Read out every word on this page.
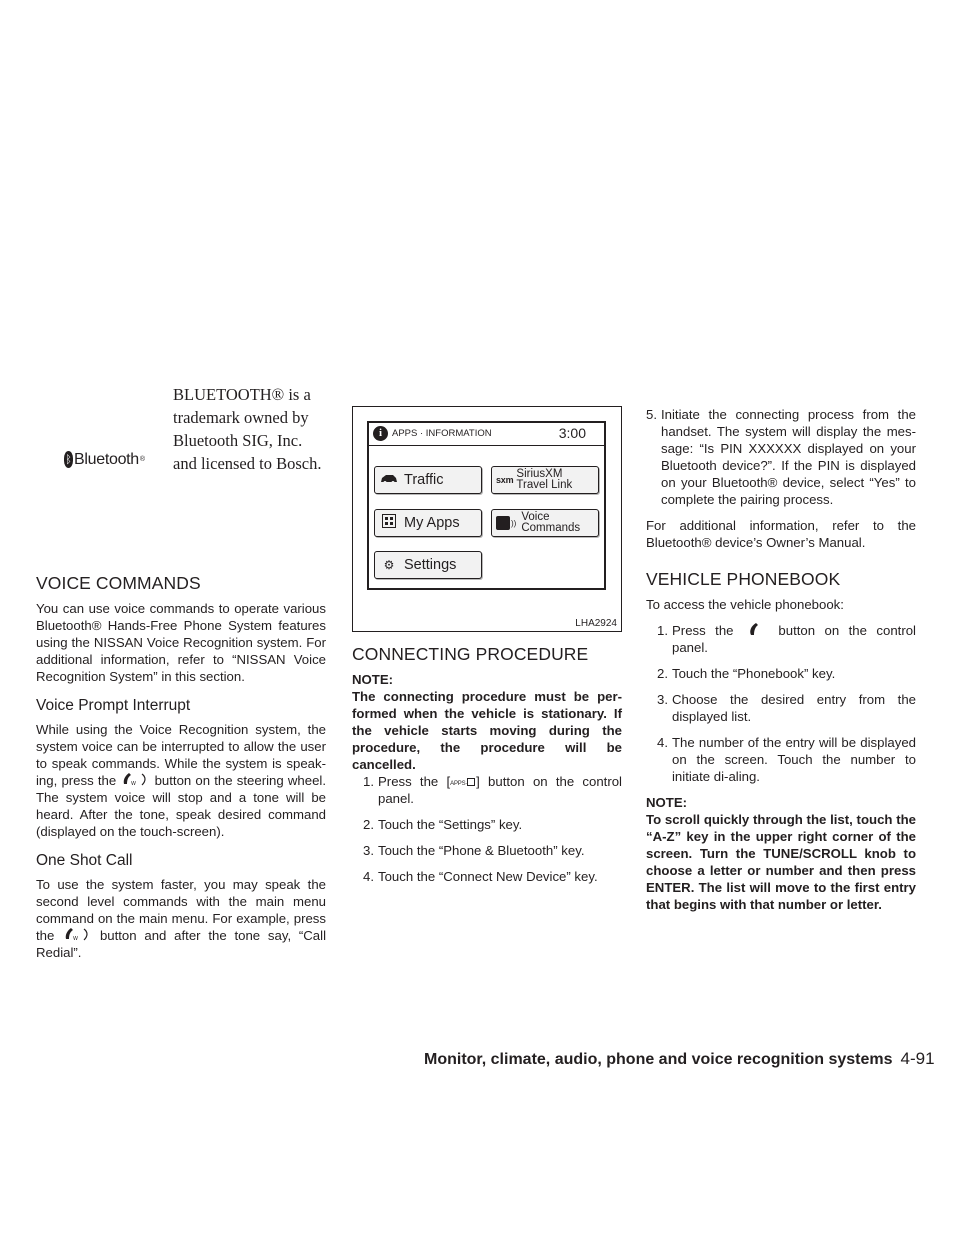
ᛒ Bluetooth ®

BLUETOOTH® is a trademark owned by Bluetooth SIG, Inc. and licensed to Bosch.

VOICE COMMANDS

You can use voice commands to operate various Bluetooth® Hands-Free Phone System features using the NISSAN Voice Recognition system. For additional information, refer to “NISSAN Voice Recognition System” in this section.

Voice Prompt Interrupt

While using the Voice Recognition system, the system voice can be interrupted to allow the user to speak commands. While the system is speak-ing, press the	W button on the steering wheel. The system voice will stop and a tone will be heard. After the tone, speak desired command (displayed on the touch-screen).

One Shot Call

To use the system faster, you may speak the second level commands with the main menu command on the main menu. For example, press the	W button and after the tone say, “Call Redial”.

i	APPS · INFORMATION	3:00
Traffic	sxm SiriusXM
Travel Link
My Apps	)) Voice
Commands
⚙ Settings
LHA2924
CONNECTING PROCEDURE

NOTE:

The connecting procedure must be per-formed when the vehicle is stationary. If the vehicle starts moving during the procedure, the procedure will be cancelled.

1. Press the [APPS· ] button on the control panel.
2. Touch the “Settings” key.
3. Touch the “Phone & Bluetooth” key.
4. Touch the “Connect New Device” key.
5. Initiate the connecting process from the handset. The system will display the mes-sage: “Is PIN XXXXXX displayed on your Bluetooth device?”. If the PIN is displayed on your Bluetooth® device, select “Yes” to complete the pairing process.

For additional information, refer to the Bluetooth® device’s Owner’s Manual.

VEHICLE PHONEBOOK

To access the vehicle phonebook:

1. Press the	button on the control panel.
2. Touch the “Phonebook” key.
3. Choose the desired entry from the displayed list.
4. The number of the entry will be displayed on the screen. Touch the number to initiate di-aling.

NOTE:

To scroll quickly through the list, touch the “A-Z” key in the upper right corner of the screen. Turn the TUNE/SCROLL knob to choose a letter or number and then press ENTER. The list will move to the first entry that begins with that number or letter.

Monitor, climate, audio, phone and voice recognition systems 4-91
